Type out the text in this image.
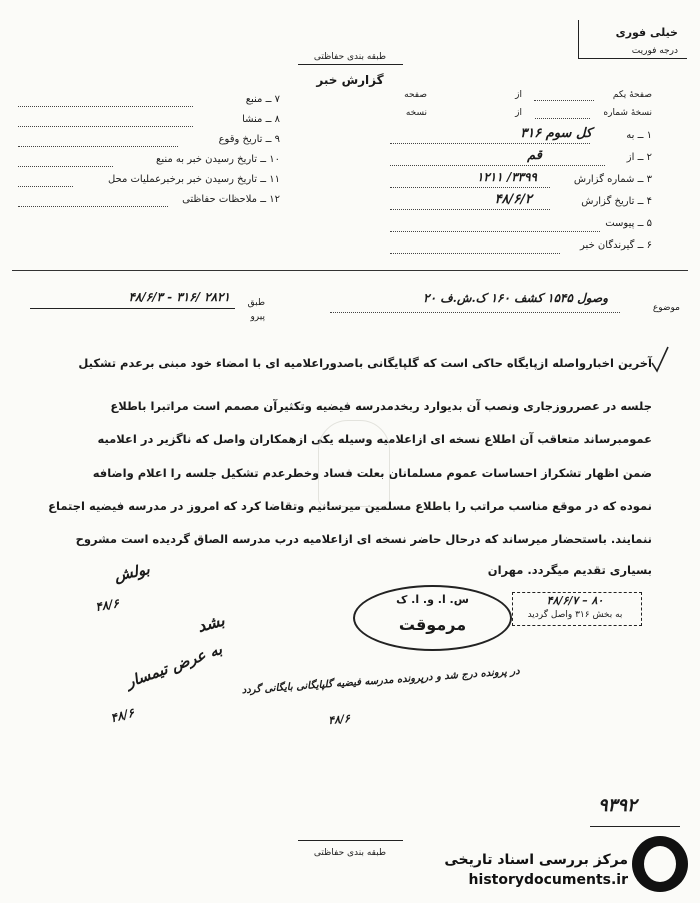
خیلی فوری
درجه فوریت
طبقه بندی حفاظتی
گزارش خبر
۷ ــ منبع
۸ ــ منشا
۹ ــ تاریخ وقوع
۱۰ ــ تاریخ رسیدن خبر به منبع
۱۱ ــ تاریخ رسیدن خبر برخبرعملیات محل
۱۲ ــ ملاحظات حفاظتی
صفحهٔ یکم
از
صفحه
نسخهٔ شماره
از
نسخه
۱ ــ به
کل سوم ۳۱۶
۲ ــ از
قم
۳ ــ شماره گزارش
۳۳۹۹/ ۱۲۱۱
۴ ــ تاریخ گزارش
۴۸/۶/۲
۵ ــ پیوست
۶ ــ گیرندگان خبر
موضوع
وصول ۱۵۴۵ کشف ۱۶۰ ک.ش.ف ۲۰
طبق
پیرو
۴۸/۶/۳ - ۳۱۶/ ۲۸۲۱
آخرین اخبارواصله ازپایگاه حاکی است که گلپایگانی باصدوراعلامیه ای با امضاء خود مبنی برعدم تشکیل
جلسه در عصرروزجاری ونصب آن بدیوارد ربخدمدرسه فیضیه وتکثیرآن مصمم است مراتبرا باطلاع
عمومبرساند متعاقب آن اطلاع نسخه ای ازاعلامیه وسیله یکی ازهمکاران واصل که ناگزیر در اعلامیه
ضمن اظهار تشکراز احساسات عموم مسلمانان بعلت فساد وخطرعدم تشکیل جلسه را اعلام واضافه
نموده که در موقع مناسب مراتب را باطلاع مسلمین میرسانیم وتقاضا کرد که امروز در مدرسه فیضیه اجتماع
ننمایند. باستحضار میرساند که درحال حاضر نسخه ای ازاعلامیه درب مدرسه الصاق گردیده است مشروح
بسیاری تقدیم میگردد. مهران
س. ا. و. ا. ک
مرموقت
۴۸/۶/۷ – ۸۰
به بخش ۳۱۶ واصل گردید
بولش
۴۸/۶
بشد
به عرض تیمسار
۴۸/۶
در پرونده درج شد و درپرونده مدرسه فیضیه گلپایگانی بایگانی گردد
۴۸/۶
۹۳۹۲
طبقه بندی حفاظتی	مرکز بررسی اسناد تاریخی
historydocuments.ir
